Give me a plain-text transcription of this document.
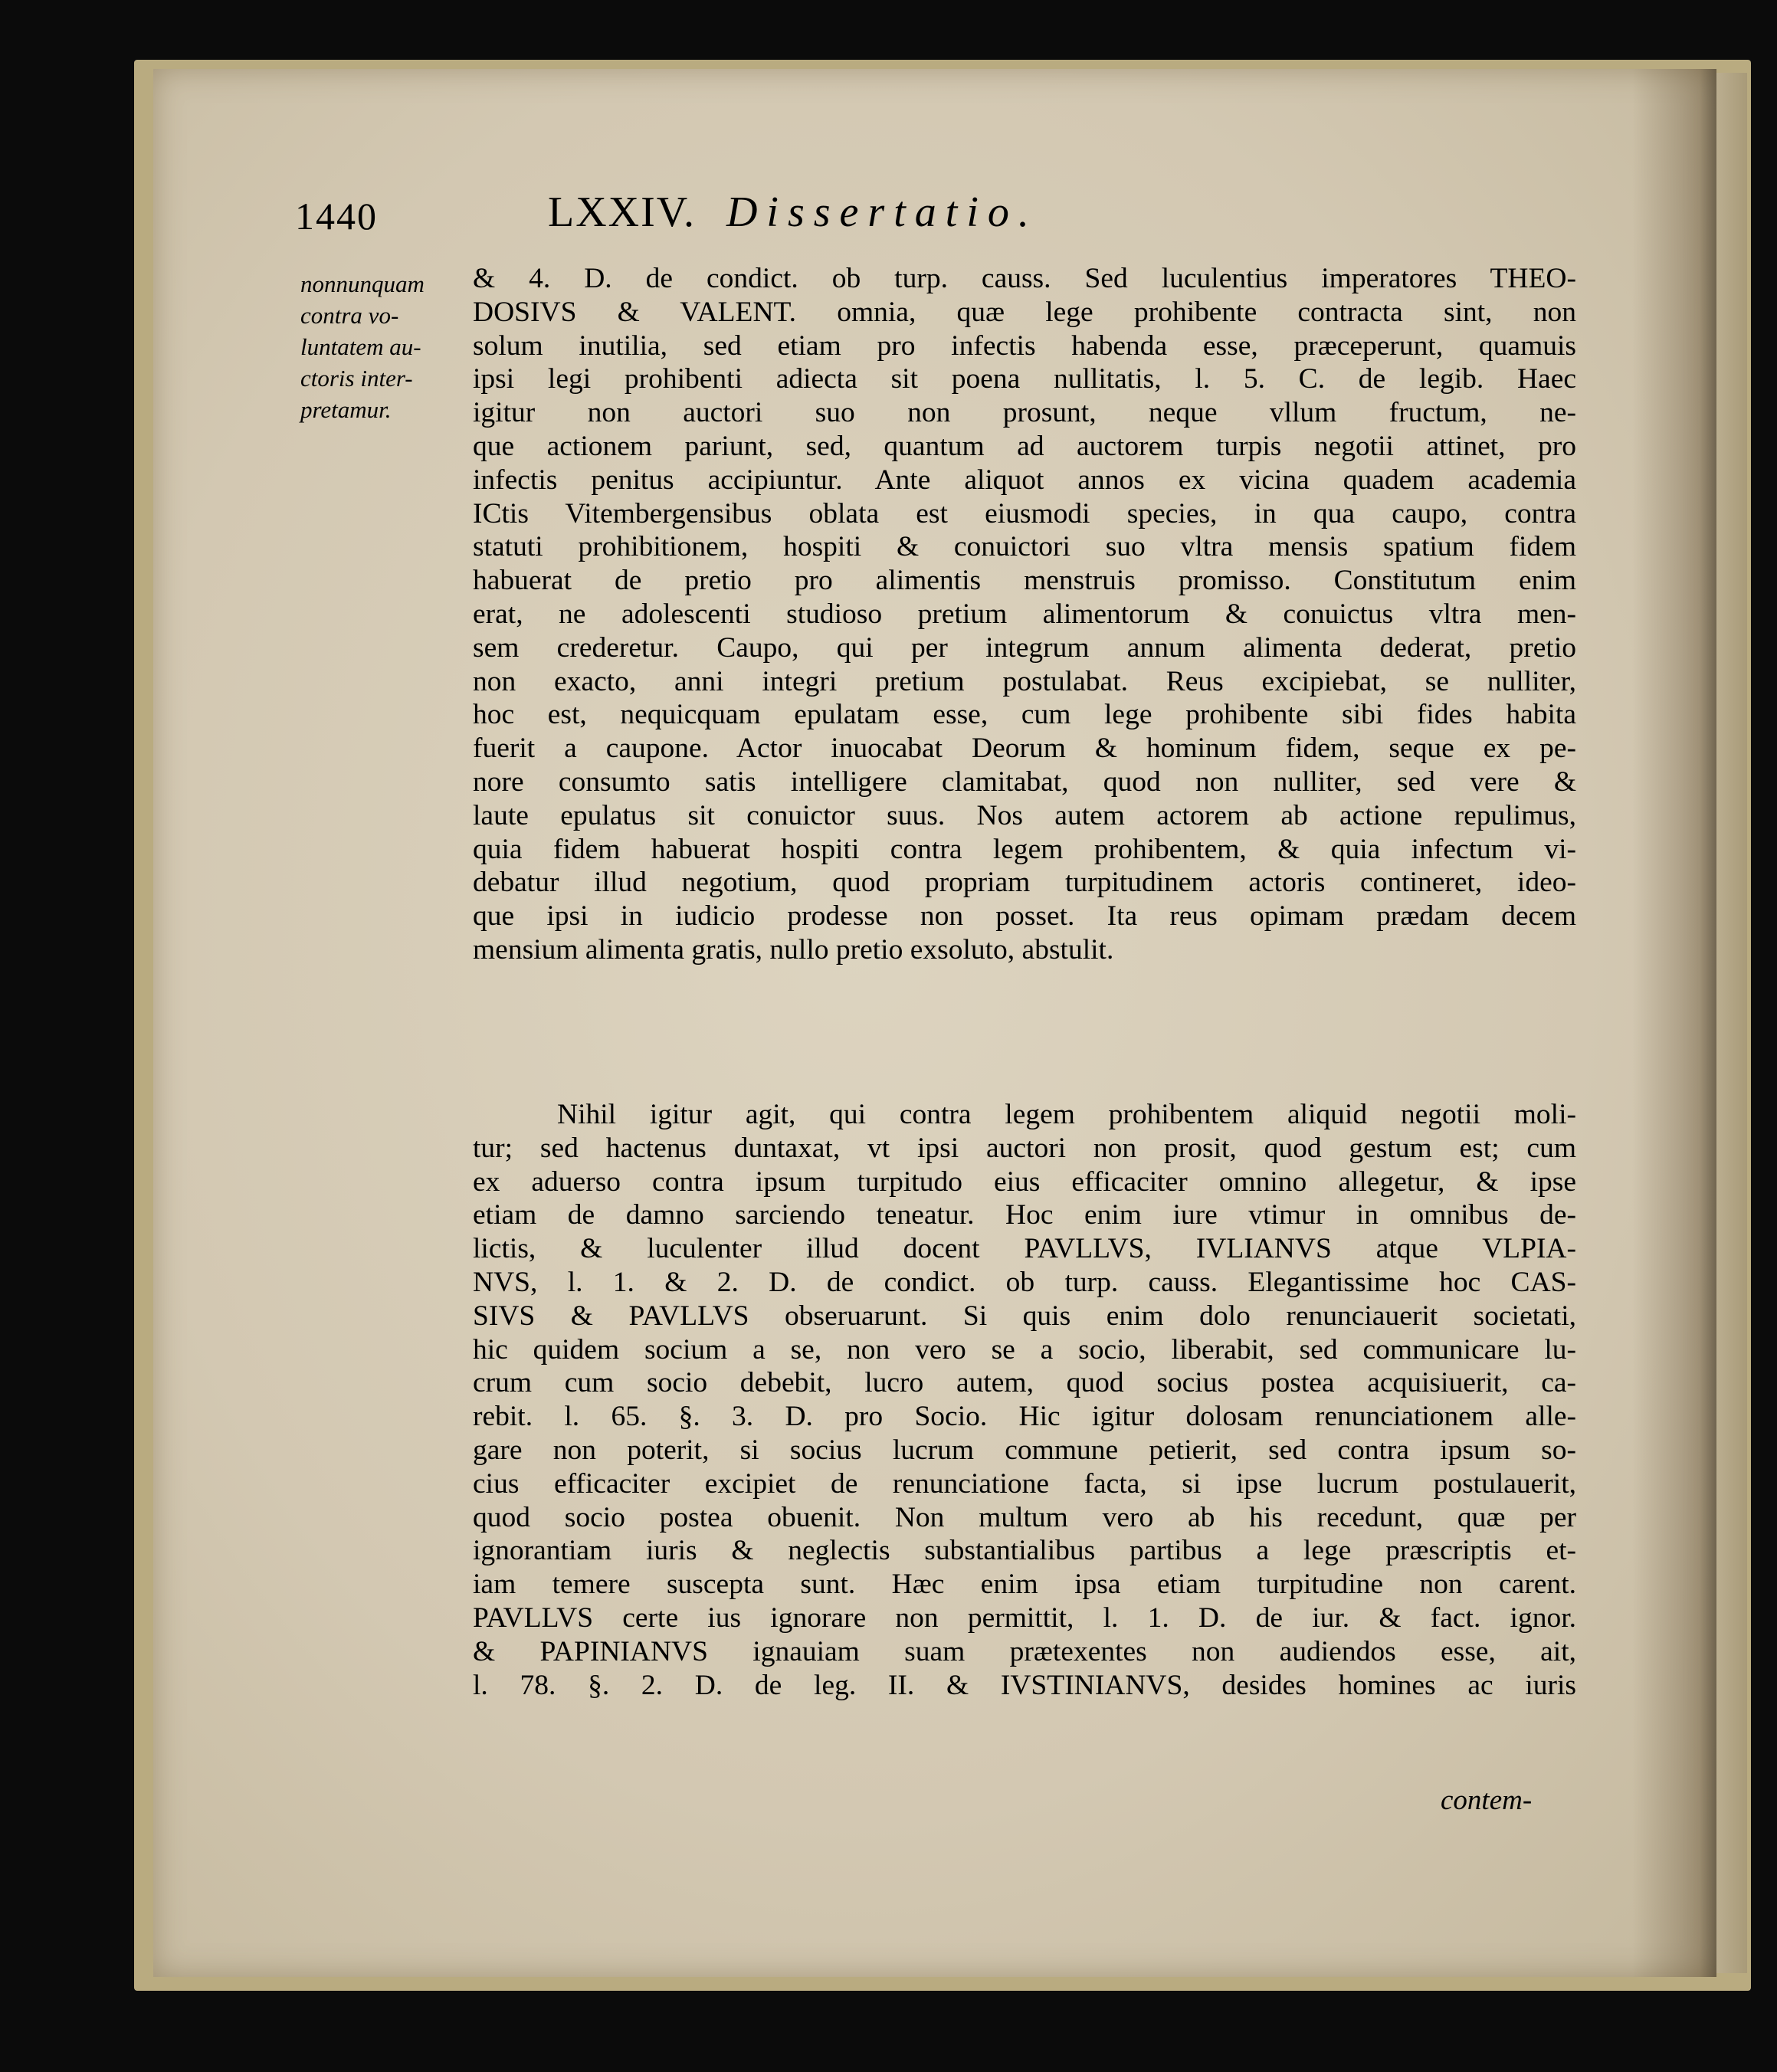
1440	LXXIV. Dissertatio.
nonnunquam
contra vo-
luntatem au-
ctoris inter-
pretamur.
& 4. D. de condict. ob turp. causs. Sed luculentius imperatores THEO-
DOSIVS & VALENT. omnia, quæ lege prohibente contracta sint, non
solum inutilia, sed etiam pro infectis habenda esse, præceperunt, quamuis
ipsi legi prohibenti adiecta sit poena nullitatis, l. 5. C. de legib. Haec
igitur non auctori suo non prosunt, neque vllum fructum, ne-
que actionem pariunt, sed, quantum ad auctorem turpis negotii attinet, pro
infectis penitus accipiuntur. Ante aliquot annos ex vicina quadem academia
ICtis Vitembergensibus oblata est eiusmodi species, in qua caupo, contra
statuti prohibitionem, hospiti & conuictori suo vltra mensis spatium fidem
habuerat de pretio pro alimentis menstruis promisso. Constitutum enim
erat, ne adolescenti studioso pretium alimentorum & conuictus vltra men-
sem crederetur. Caupo, qui per integrum annum alimenta dederat, pretio
non exacto, anni integri pretium postulabat. Reus excipiebat, se nulliter,
hoc est, nequicquam epulatam esse, cum lege prohibente sibi fides habita
fuerit a caupone. Actor inuocabat Deorum & hominum fidem, seque ex pe-
nore consumto satis intelligere clamitabat, quod non nulliter, sed vere &
laute epulatus sit conuictor suus. Nos autem actorem ab actione repulimus,
quia fidem habuerat hospiti contra legem prohibentem, & quia infectum vi-
debatur illud negotium, quod propriam turpitudinem actoris contineret, ideo-
que ipsi in iudicio prodesse non posset. Ita reus opimam prædam decem
mensium alimenta gratis, nullo pretio exsoluto, abstulit.
Nihil igitur agit, qui contra legem prohibentem aliquid negotii moli-
tur; sed hactenus duntaxat, vt ipsi auctori non prosit, quod gestum est; cum
ex aduerso contra ipsum turpitudo eius efficaciter omnino allegetur, & ipse
etiam de damno sarciendo teneatur. Hoc enim iure vtimur in omnibus de-
lictis, & luculenter illud docent PAVLLVS, IVLIANVS atque VLPIA-
NVS, l. 1. & 2. D. de condict. ob turp. causs. Elegantissime hoc CAS-
SIVS & PAVLLVS obseruarunt. Si quis enim dolo renunciauerit societati,
hic quidem socium a se, non vero se a socio, liberabit, sed communicare lu-
crum cum socio debebit, lucro autem, quod socius postea acquisiuerit, ca-
rebit. l. 65. §. 3. D. pro Socio. Hic igitur dolosam renunciationem alle-
gare non poterit, si socius lucrum commune petierit, sed contra ipsum so-
cius efficaciter excipiet de renunciatione facta, si ipse lucrum postulauerit,
quod socio postea obuenit. Non multum vero ab his recedunt, quæ per
ignorantiam iuris & neglectis substantialibus partibus a lege præscriptis et-
iam temere suscepta sunt. Hæc enim ipsa etiam turpitudine non carent.
PAVLLVS certe ius ignorare non permittit, l. 1. D. de iur. & fact. ignor.
& PAPINIANVS ignauiam suam prætexentes non audiendos esse, ait,
l. 78. §. 2. D. de leg. II. & IVSTINIANVS, desides homines ac iuris
contem-
